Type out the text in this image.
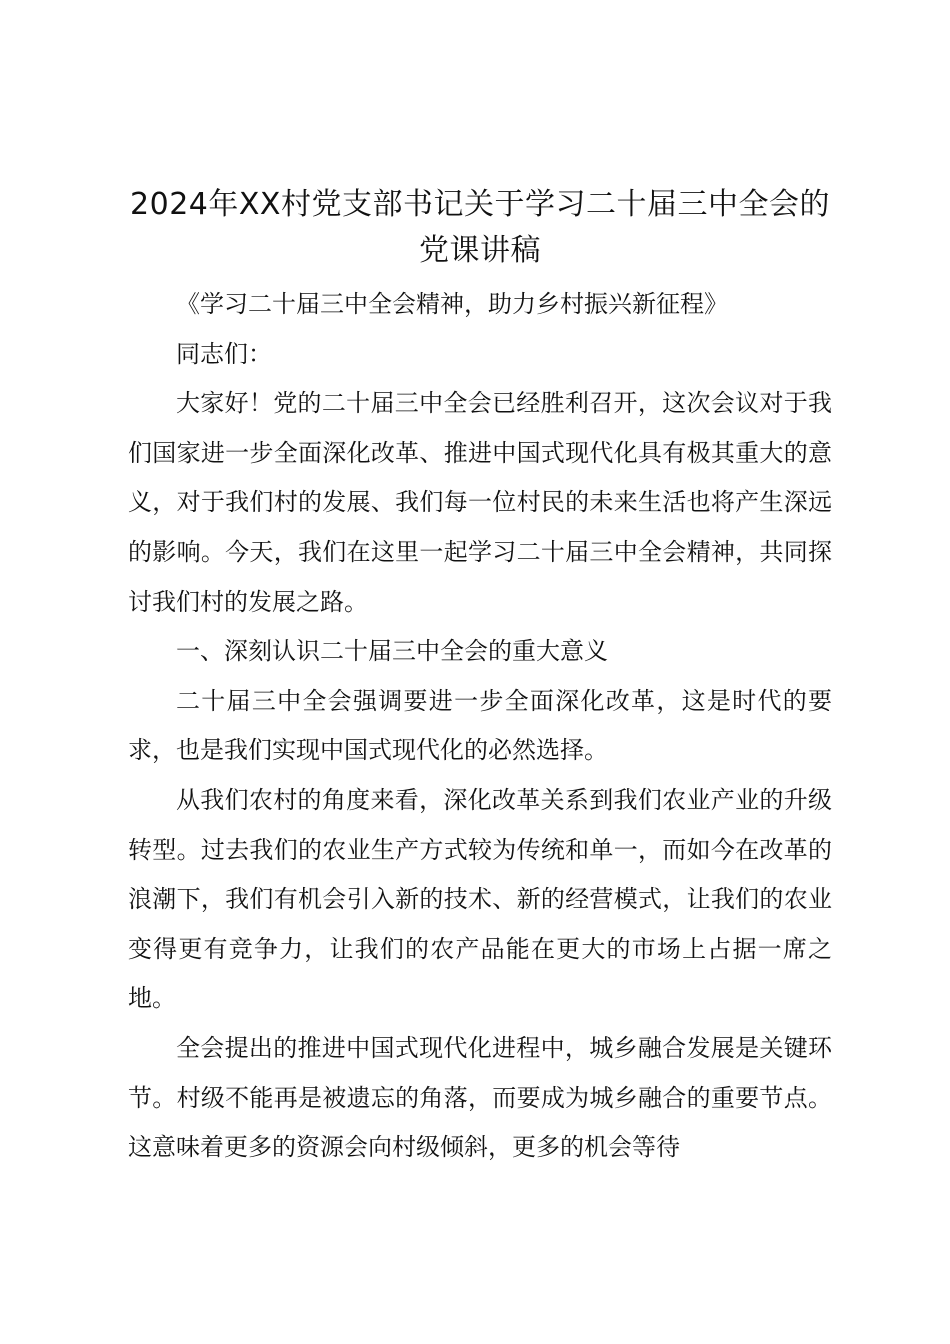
2024年XX村党支部书记关于学习二十届三中全会的党课讲稿

《学习二十届三中全会精神，助力乡村振兴新征程》

同志们：

大家好！党的二十届三中全会已经胜利召开，这次会议对于我们国家进一步全面深化改革、推进中国式现代化具有极其重大的意义，对于我们村的发展、我们每一位村民的未来生活也将产生深远的影响。今天，我们在这里一起学习二十届三中全会精神，共同探讨我们村的发展之路。

一、深刻认识二十届三中全会的重大意义

二十届三中全会强调要进一步全面深化改革，这是时代的要求，也是我们实现中国式现代化的必然选择。

从我们农村的角度来看，深化改革关系到我们农业产业的升级转型。过去我们的农业生产方式较为传统和单一，而如今在改革的浪潮下，我们有机会引入新的技术、新的经营模式，让我们的农业变得更有竞争力，让我们的农产品能在更大的市场上占据一席之地。

全会提出的推进中国式现代化进程中，城乡融合发展是关键环节。村级不能再是被遗忘的角落，而要成为城乡融合的重要节点。这意味着更多的资源会向村级倾斜，更多的机会等待
